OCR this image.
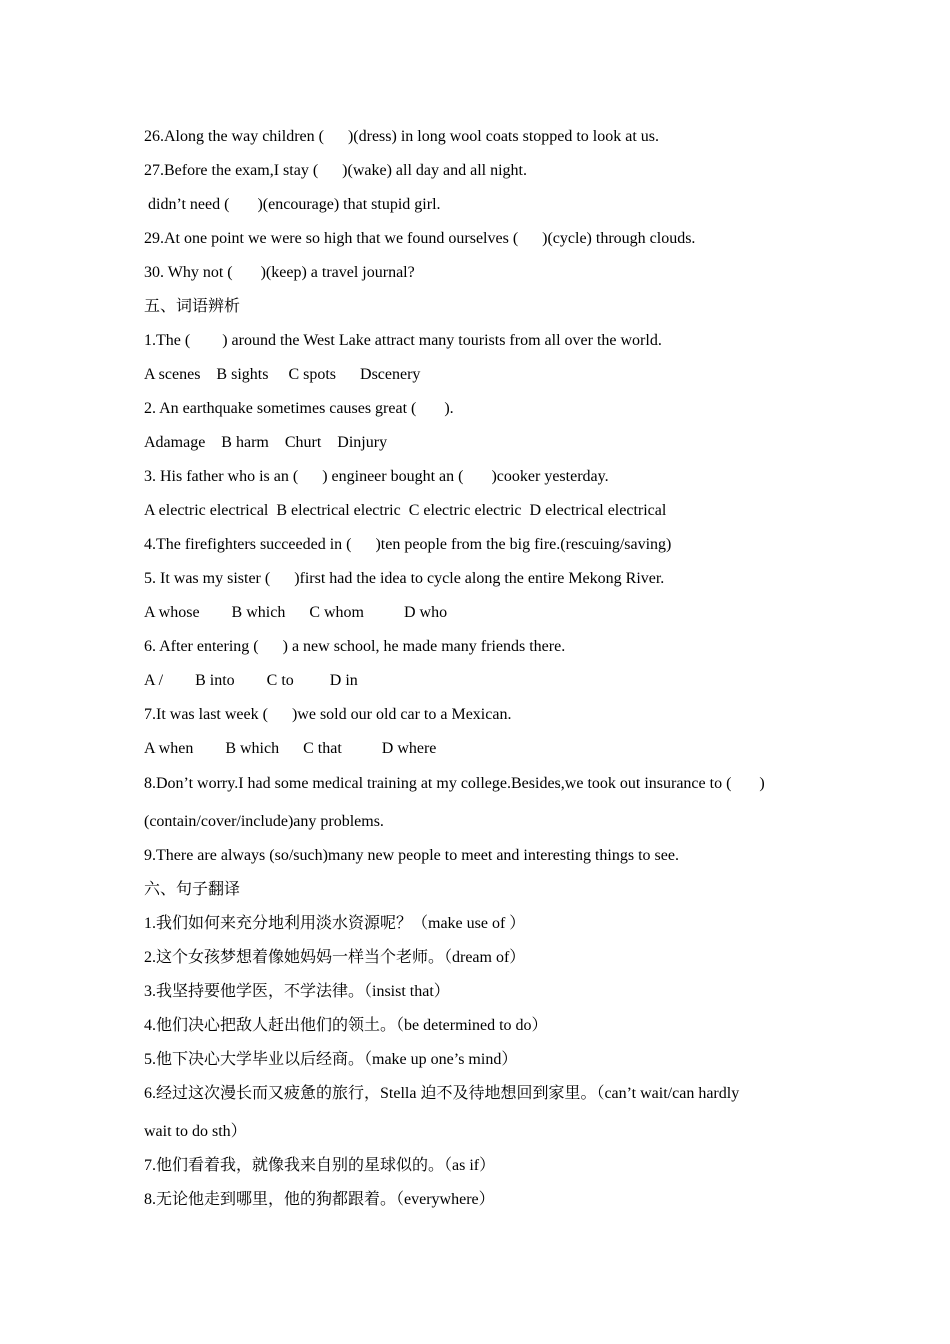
26.Along the way children (      )(dress) in long wool coats stopped to look at us.
27.Before the exam,I stay (      )(wake) all day and all night.
didn’t need (       )(encourage) that stupid girl.
29.At one point we were so high that we found ourselves (      )(cycle) through clouds.
30. Why not (       )(keep) a travel journal?
五、词语辨析
1.The (        ) around the West Lake attract many tourists from all over the world.
A scenes    B sights     C spots      Dscenery
2. An earthquake sometimes causes great (       ).
Adamage    B harm    Churt    Dinjury
3. His father who is an (      ) engineer bought an (       )cooker yesterday.
A electric electrical  B electrical electric  C electric electric  D electrical electrical
4.The firefighters succeeded in (      )ten people from the big fire.(rescuing/saving)
5. It was my sister (      )first had the idea to cycle along the entire Mekong River.
A whose        B which      C whom          D who
6. After entering (      ) a new school, he made many friends there.
A /        B into        C to         D in
7.It was last week (      )we sold our old car to a Mexican.
A when        B which      C that          D where
8.Don’t worry.I had some medical training at my college.Besides,we took out insurance to (       )
(contain/cover/include)any problems.
9.There are always (so/such)many new people to meet and interesting things to see.
六、句子翻译
1.我们如何来充分地利用淡水资源呢？（make use of ）
2.这个女孩梦想着像她妈妈一样当个老师。（dream of）
3.我坚持要他学医，不学法律。（insist that）
4.他们决心把敌人赶出他们的领土。（be determined to do）
5.他下决心大学毕业以后经商。（make up one’s mind）
6.经过这次漫长而又疲惫的旅行，Stella 迫不及待地想回到家里。（can’t wait/can hardly
wait to do sth）
7.他们看着我，就像我来自别的星球似的。（as if）
8.无论他走到哪里，他的狗都跟着。（everywhere）
